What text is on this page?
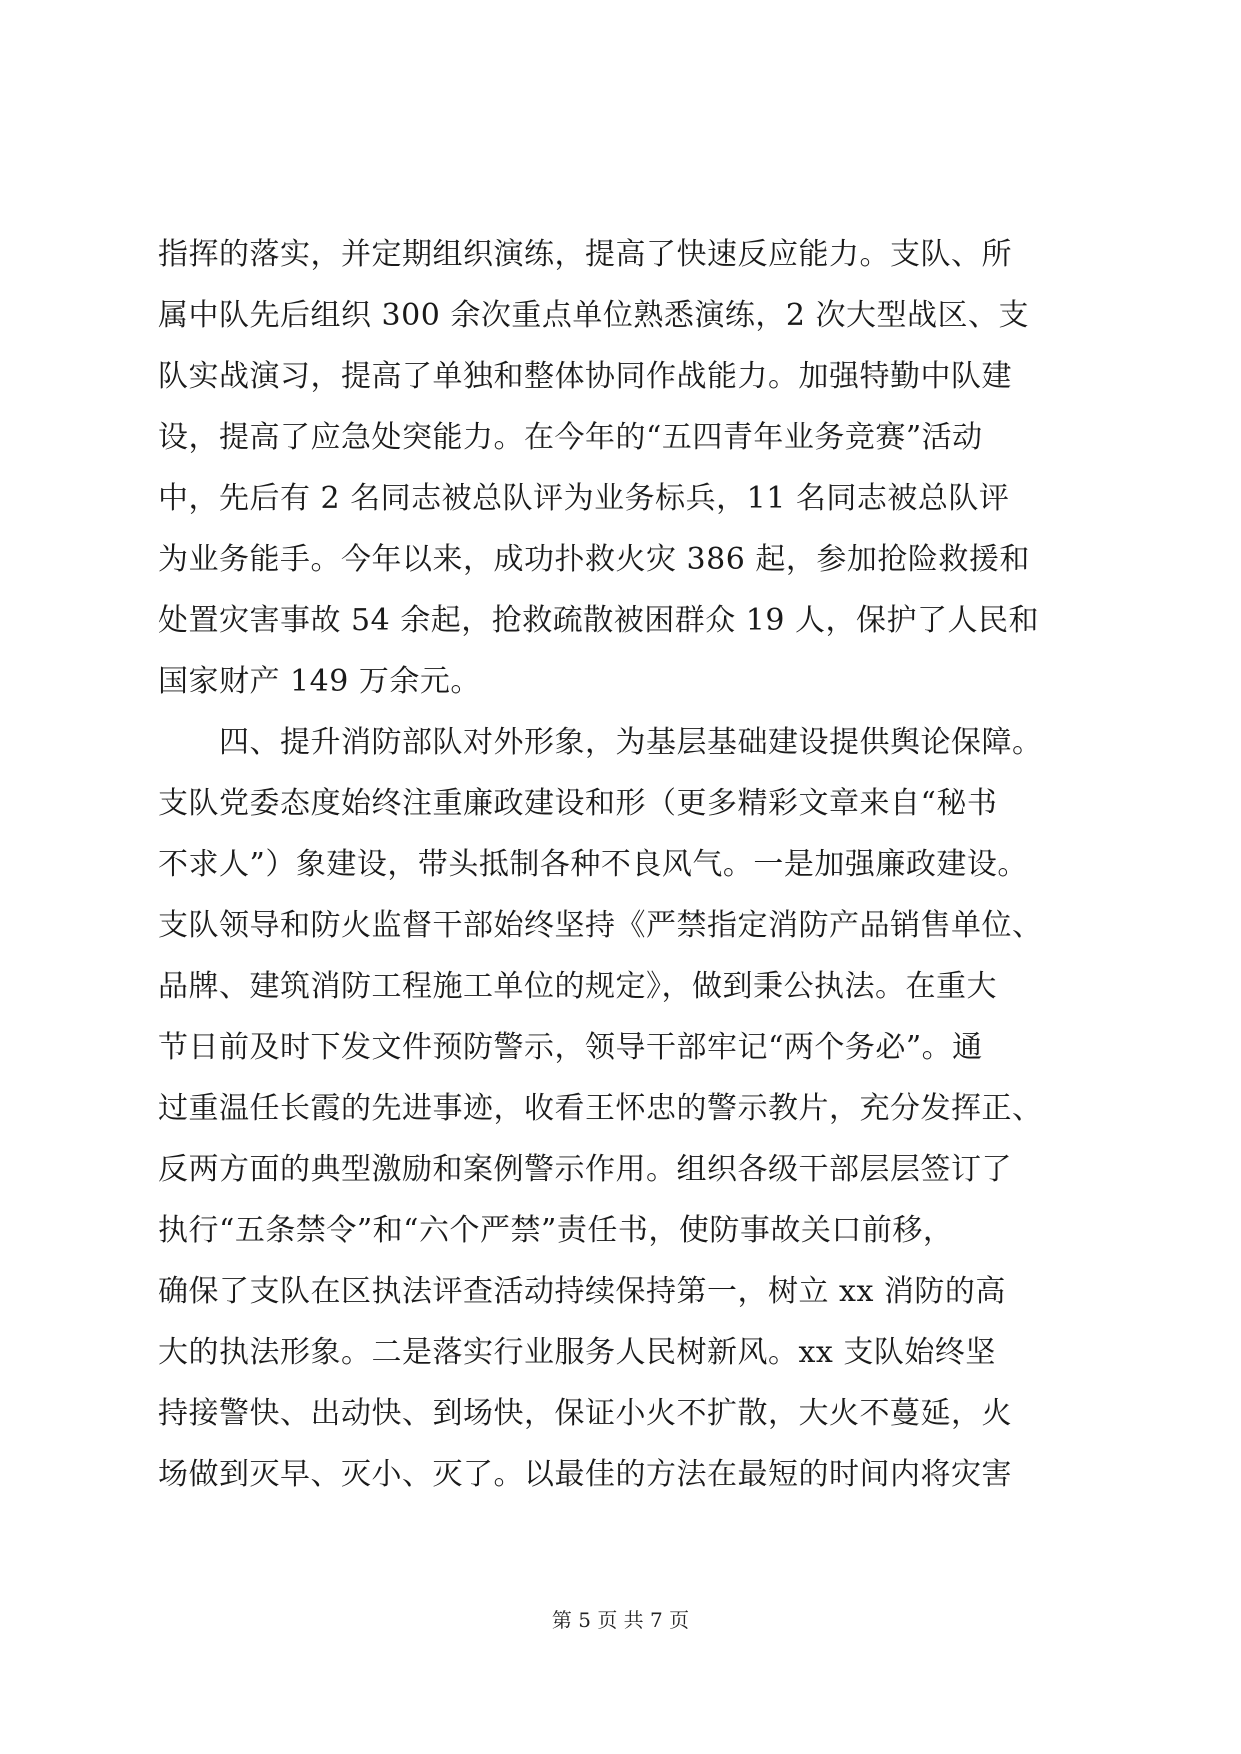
指挥的落实，并定期组织演练，提高了快速反应能力。支队、所
属中队先后组织 300 余次重点单位熟悉演练，2 次大型战区、支
队实战演习，提高了单独和整体协同作战能力。加强特勤中队建
设，提高了应急处突能力。在今年的“五四青年业务竞赛”活动
中，先后有 2 名同志被总队评为业务标兵，11 名同志被总队评
为业务能手。今年以来，成功扑救火灾 386 起，参加抢险救援和
处置灾害事故 54 余起，抢救疏散被困群众 19 人，保护了人民和
国家财产 149 万余元。
　　四、提升消防部队对外形象，为基层基础建设提供舆论保障。
支队党委态度始终注重廉政建设和形（更多精彩文章来自“秘书
不求人”）象建设，带头抵制各种不良风气。一是加强廉政建设。
支队领导和防火监督干部始终坚持《严禁指定消防产品销售单位、
品牌、建筑消防工程施工单位的规定》，做到秉公执法。在重大
节日前及时下发文件预防警示，领导干部牢记“两个务必”。通
过重温任长霞的先进事迹，收看王怀忠的警示教片，充分发挥正、
反两方面的典型激励和案例警示作用。组织各级干部层层签订了
执行“五条禁令”和“六个严禁”责任书，使防事故关口前移，
确保了支队在区执法评查活动持续保持第一，树立 xx 消防的高
大的执法形象。二是落实行业服务人民树新风。xx 支队始终坚
持接警快、出动快、到场快，保证小火不扩散，大火不蔓延，火
场做到灭早、灭小、灭了。以最佳的方法在最短的时间内将灾害
第 5 页 共 7 页
